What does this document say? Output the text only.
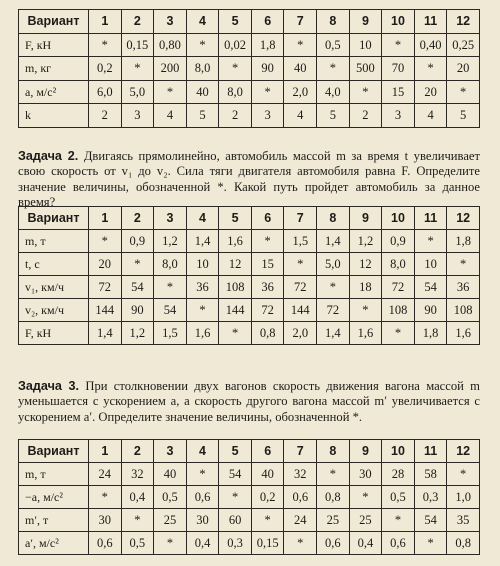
Вариант	1	2	3	4	5	6	7	8	9	10	11	12
F, кН	*	0,15	0,80	*	0,02	1,8	*	0,5	10	*	0,40	0,25
m, кг	0,2	*	200	8,0	*	90	40	*	500	70	*	20
a, м/с²	6,0	5,0	*	40	8,0	*	2,0	4,0	*	15	20	*
k	2	3	4	5	2	3	4	5	2	3	4	5

Задача 2. Двигаясь прямолинейно, автомобиль массой m за время t увеличивает свою скорость от v₁ до v₂. Сила тяги двигателя автомобиля равна F. Определите значение величины, обозначенной *. Какой путь пройдет автомобиль за данное время?

Вариант	1	2	3	4	5	6	7	8	9	10	11	12
m, т	*	0,9	1,2	1,4	1,6	*	1,5	1,4	1,2	0,9	*	1,8
t, с	20	*	8,0	10	12	15	*	5,0	12	8,0	10	*
v₁, км/ч	72	54	*	36	108	36	72	*	18	72	54	36
v₂, км/ч	144	90	54	*	144	72	144	72	*	108	90	108
F, кН	1,4	1,2	1,5	1,6	*	0,8	2,0	1,4	1,6	*	1,8	1,6

Задача 3. При столкновении двух вагонов скорость движения вагона массой m уменьшается с ускорением a, а скорость другого вагона массой m′ увеличивается с ускорением a′. Определите значение величины, обозначенной *.

Вариант	1	2	3	4	5	6	7	8	9	10	11	12
m, т	24	32	40	*	54	40	32	*	30	28	58	*
−a, м/с²	*	0,4	0,5	0,6	*	0,2	0,6	0,8	*	0,5	0,3	1,0
m′, т	30	*	25	30	60	*	24	25	25	*	54	35
a′, м/с²	0,6	0,5	*	0,4	0,3	0,15	*	0,6	0,4	0,6	*	0,8
